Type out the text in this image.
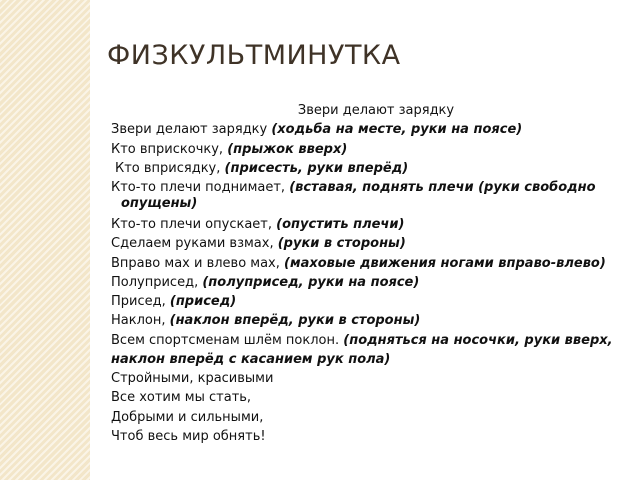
ФИЗКУЛЬТМИНУТКА

Звери делают зарядку

Звери делают зарядку (ходьба на месте, руки на поясе)

Кто вприскочку, (прыжок вверх)

Кто вприсядку, (присесть, руки вперёд)

Кто-то плечи поднимает, (вставая, поднять плечи (руки свободно
опущены)

Кто-то плечи опускает, (опустить плечи)

Сделаем руками взмах, (руки в стороны)

Вправо мах и влево мах, (маховые движения ногами вправо-влево)

Полуприсед, (полуприсед, руки на поясе)

Присед, (присед)

Наклон, (наклон вперёд, руки в стороны)

Всем спортсменам шлём поклон. (подняться на носочки, руки вверх,

наклон вперёд с касанием рук пола)

Стройными, красивыми

Все хотим мы стать,

Добрыми и сильными,

Чтоб весь мир обнять!
